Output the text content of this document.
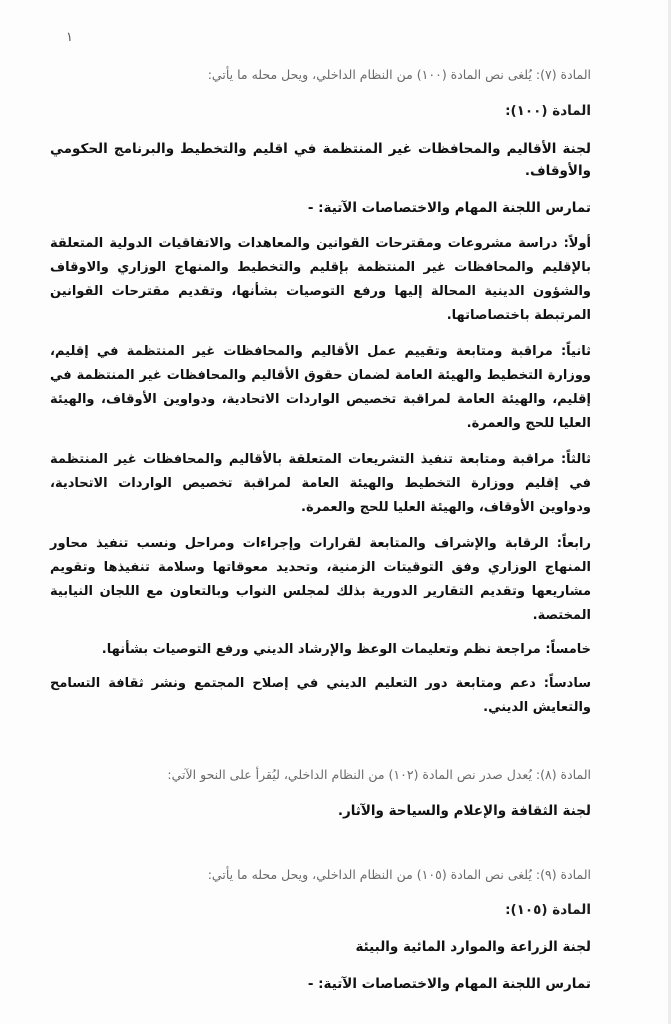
١
المادة (٧): يُلغى نص المادة (١٠٠) من النظام الداخلي، ويحل محله ما يأتي:
المادة (١٠٠):
لجنة الأقاليم والمحافظات غير المنتظمة في اقليم والتخطيط والبرنامج الحكومي والأوقاف.
تمارس اللجنة المهام والاختصاصات الآتية: -
أولاً: دراسة مشروعات ومقترحات القوانين والمعاهدات والاتفاقيات الدولية المتعلقة بالإقليم والمحافظات غير المنتظمة بإقليم والتخطيط والمنهاج الوزاري والاوقاف والشؤون الدينية المحالة إليها ورفع التوصيات بشأنها، وتقديم مقترحات القوانين المرتبطة باختصاصاتها.
ثانياً: مراقبة ومتابعة وتقييم عمل الأقاليم والمحافظات غير المنتظمة في إقليم، ووزارة التخطيط والهيئة العامة لضمان حقوق الأقاليم والمحافظات غير المنتظمة في إقليم، والهيئة العامة لمراقبة تخصيص الواردات الاتحادية، ودواوين الأوقاف، والهيئة العليا للحج والعمرة.
ثالثاً: مراقبة ومتابعة تنفيذ التشريعات المتعلقة بالأقاليم والمحافظات غير المنتظمة في إقليم ووزارة التخطيط والهيئة العامة لمراقبة تخصيص الواردات الاتحادية، ودواوين الأوقاف، والهيئة العليا للحج والعمرة.
رابعاً: الرقابة والإشراف والمتابعة لقرارات وإجراءات ومراحل ونسب تنفيذ محاور المنهاج الوزاري وفق التوقيتات الزمنية، وتحديد معوقاتها وسلامة تنفيذها وتقويم مشاريعها وتقديم التقارير الدورية بذلك لمجلس النواب وبالتعاون مع اللجان النيابية المختصة.
خامساً: مراجعة نظم وتعليمات الوعظ والإرشاد الديني ورفع التوصيات بشأنها.
سادساً: دعم ومتابعة دور التعليم الديني في إصلاح المجتمع ونشر ثقافة التسامح والتعايش الديني.
المادة (٨): يُعدل صدر نص المادة (١٠٢) من النظام الداخلي، ليُقرأ على النحو الآتي:
لجنة الثقافة والإعلام والسياحة والآثار.
المادة (٩): يُلغى نص المادة (١٠٥) من النظام الداخلي، ويحل محله ما يأتي:
المادة (١٠٥):
لجنة الزراعة والموارد المائية والبيئة
تمارس اللجنة المهام والاختصاصات الآتية: -
